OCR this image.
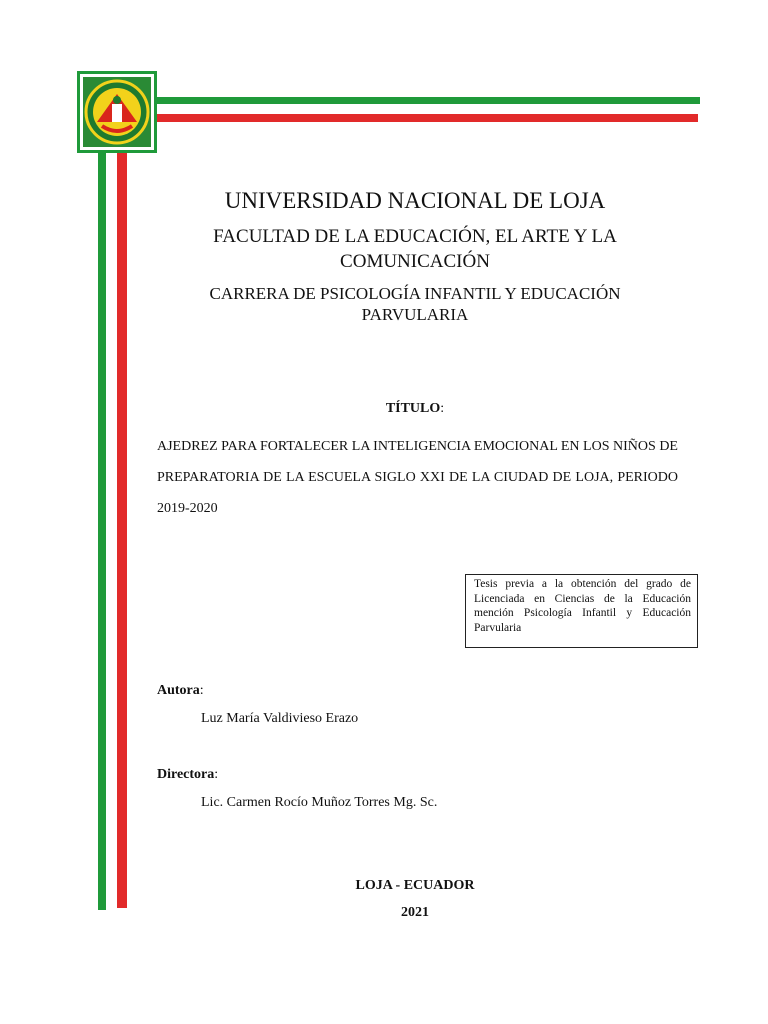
UNIVERSIDAD NACIONAL DE LOJA
FACULTAD DE LA EDUCACIÓN, EL ARTE Y LA
COMUNICACIÓN
CARRERA DE PSICOLOGÍA INFANTIL Y EDUCACIÓN
PARVULARIA
TÍTULO:
AJEDREZ PARA FORTALECER LA INTELIGENCIA EMOCIONAL EN LOS NIÑOS DE PREPARATORIA DE LA ESCUELA SIGLO XXI DE LA CIUDAD DE LOJA, PERIODO 2019-2020
Tesis previa a la obtención del grado de Licenciada en Ciencias de la Educación mención Psicología Infantil y Educación Parvularia
Autora:
Luz María Valdivieso Erazo
Directora:
Lic. Carmen Rocío Muñoz Torres Mg. Sc.
LOJA - ECUADOR
2021
